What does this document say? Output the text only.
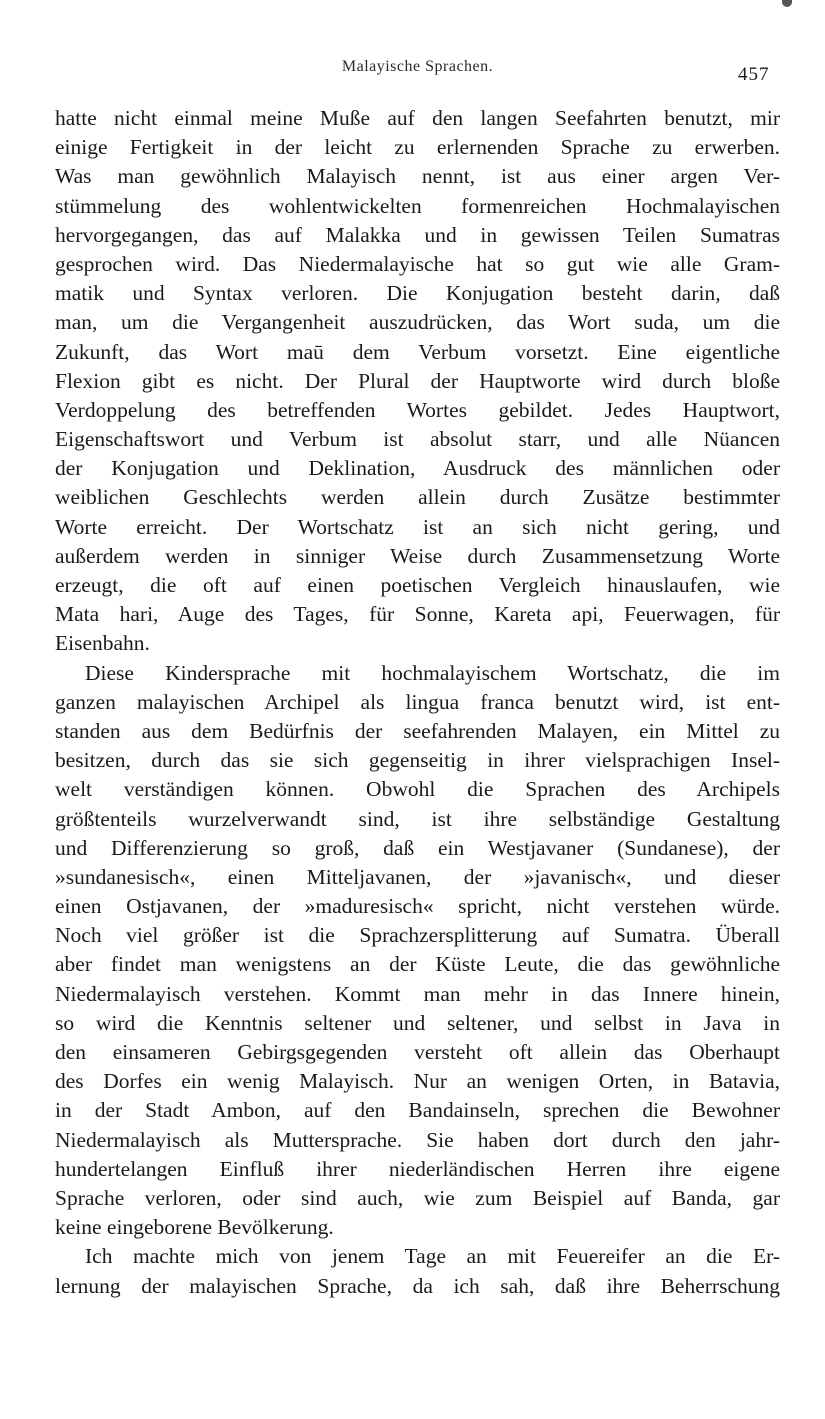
Malayische Sprachen.	457
hatte nicht einmal meine Muße auf den langen Seefahrten benutzt, mir
einige Fertigkeit in der leicht zu erlernenden Sprache zu erwerben.
Was man gewöhnlich Malayisch nennt, ist aus einer argen Ver-
stümmelung des wohlentwickelten formenreichen Hochmalayischen
hervorgegangen, das auf Malakka und in gewissen Teilen Sumatras
gesprochen wird. Das Niedermalayische hat so gut wie alle Gram-
matik und Syntax verloren. Die Konjugation besteht darin, daß
man, um die Vergangenheit auszudrücken, das Wort suda, um die
Zukunft, das Wort maū dem Verbum vorsetzt. Eine eigentliche
Flexion gibt es nicht. Der Plural der Hauptworte wird durch bloße
Verdoppelung des betreffenden Wortes gebildet. Jedes Hauptwort,
Eigenschaftswort und Verbum ist absolut starr, und alle Nüancen
der Konjugation und Deklination, Ausdruck des männlichen oder
weiblichen Geschlechts werden allein durch Zusätze bestimmter
Worte erreicht. Der Wortschatz ist an sich nicht gering, und
außerdem werden in sinniger Weise durch Zusammensetzung Worte
erzeugt, die oft auf einen poetischen Vergleich hinauslaufen, wie
Mata hari, Auge des Tages, für Sonne, Kareta api, Feuerwagen, für
Eisenbahn.
Diese Kindersprache mit hochmalayischem Wortschatz, die im
ganzen malayischen Archipel als lingua franca benutzt wird, ist ent-
standen aus dem Bedürfnis der seefahrenden Malayen, ein Mittel zu
besitzen, durch das sie sich gegenseitig in ihrer vielsprachigen Insel-
welt verständigen können. Obwohl die Sprachen des Archipels
größtenteils wurzelverwandt sind, ist ihre selbständige Gestaltung
und Differenzierung so groß, daß ein Westjavaner (Sundanese), der
»sundanesisch«, einen Mitteljavanen, der »javanisch«, und dieser
einen Ostjavanen, der »maduresisch« spricht, nicht verstehen würde.
Noch viel größer ist die Sprachzersplitterung auf Sumatra. Überall
aber findet man wenigstens an der Küste Leute, die das gewöhnliche
Niedermalayisch verstehen. Kommt man mehr in das Innere hinein,
so wird die Kenntnis seltener und seltener, und selbst in Java in
den einsameren Gebirgsgegenden versteht oft allein das Oberhaupt
des Dorfes ein wenig Malayisch. Nur an wenigen Orten, in Batavia,
in der Stadt Ambon, auf den Bandainseln, sprechen die Bewohner
Niedermalayisch als Muttersprache. Sie haben dort durch den jahr-
hundertelangen Einfluß ihrer niederländischen Herren ihre eigene
Sprache verloren, oder sind auch, wie zum Beispiel auf Banda, gar
keine eingeborene Bevölkerung.
Ich machte mich von jenem Tage an mit Feuereifer an die Er-
lernung der malayischen Sprache, da ich sah, daß ihre Beherrschung
